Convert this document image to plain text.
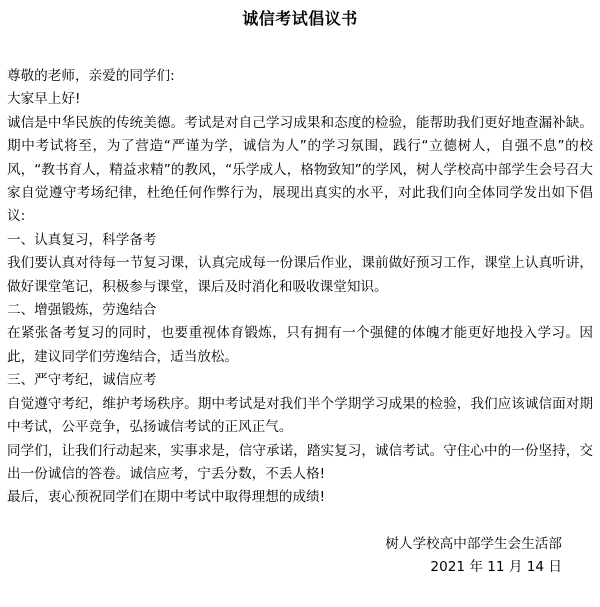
诚信考试倡议书

尊敬的老师，亲爱的同学们:

大家早上好!

诚信是中华民族的传统美德。考试是对自己学习成果和态度的检验，能帮助我们更好地查漏补缺。期中考试将至，为了营造“严谨为学，诚信为人”的学习氛围，践行“立德树人，自强不息”的校风，“教书育人，精益求精”的教风，“乐学成人，格物致知”的学风，树人学校高中部学生会号召大家自觉遵守考场纪律，杜绝任何作弊行为，展现出真实的水平，对此我们向全体同学发出如下倡议:

一、认真复习，科学备考

我们要认真对待每一节复习课，认真完成每一份课后作业，课前做好预习工作，课堂上认真听讲，做好课堂笔记，积极参与课堂，课后及时消化和吸收课堂知识。

二、增强锻炼，劳逸结合

在紧张备考复习的同时，也要重视体育锻炼，只有拥有一个强健的体魄才能更好地投入学习。因此，建议同学们劳逸结合，适当放松。

三、严守考纪，诚信应考

自觉遵守考纪，维护考场秩序。期中考试是对我们半个学期学习成果的检验，我们应该诚信面对期中考试，公平竞争，弘扬诚信考试的正风正气。

同学们，让我们行动起来，实事求是，信守承诺，踏实复习，诚信考试。守住心中的一份坚持，交出一份诚信的答卷。诚信应考，宁丢分数，不丢人格!

最后，衷心预祝同学们在期中考试中取得理想的成绩!

树人学校高中部学生会生活部
2021 年 11 月 14 日
